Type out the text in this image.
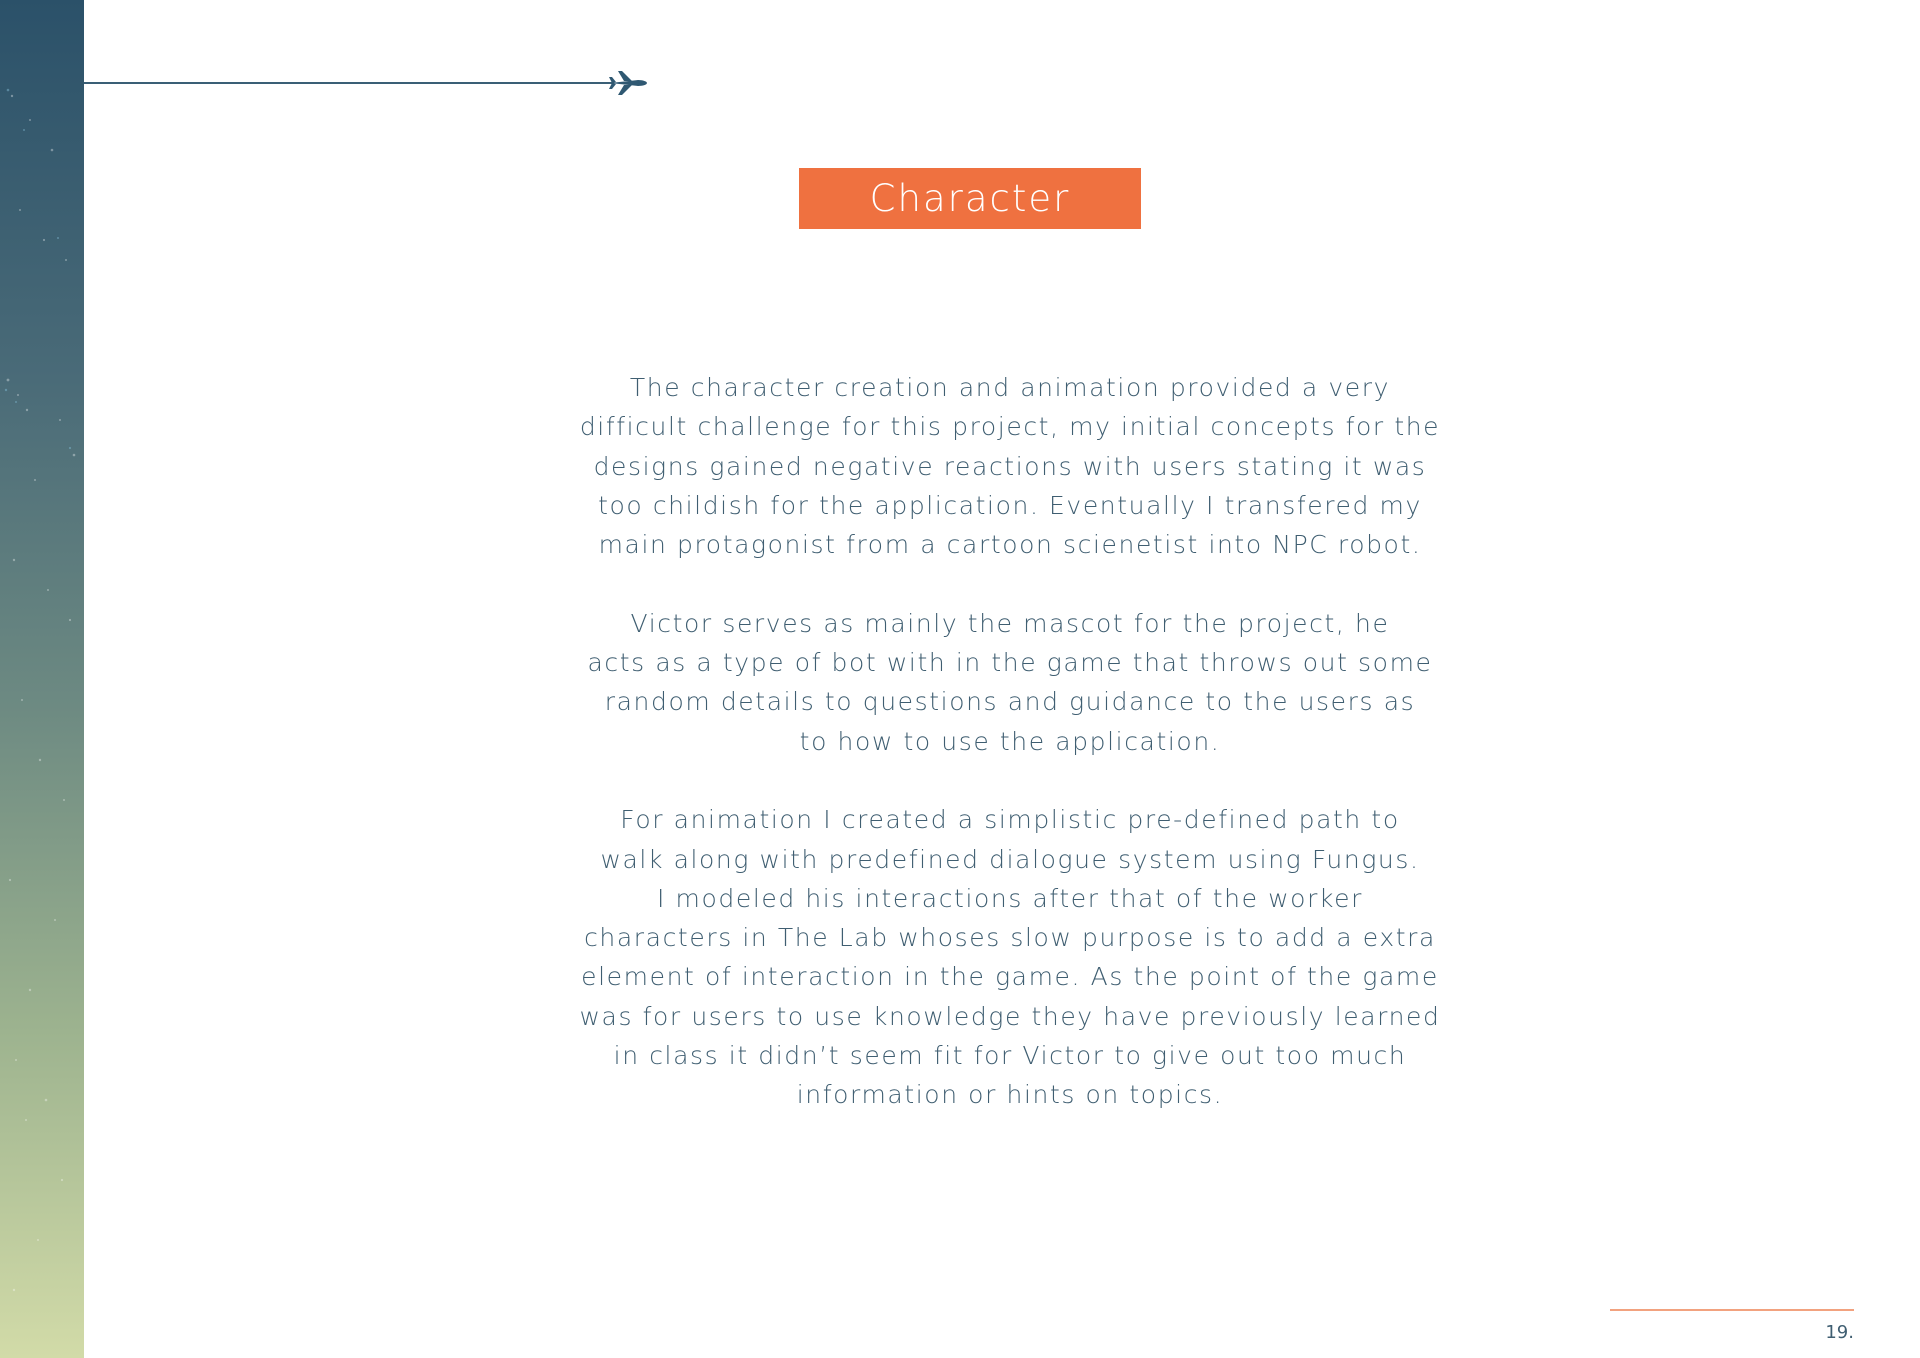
Character

The character creation and animation provided a very
difficult challenge for this project, my initial concepts for the
designs gained negative reactions with users stating it was
too childish for the application. Eventually I transfered my
main protagonist from a cartoon scienetist into NPC robot.

Victor serves as mainly the mascot for the project, he
acts as a type of bot with in the game that throws out some
random details to questions and guidance to the users as
to how to use the application.

For animation I created a simplistic pre-defined path to
walk along with predefined dialogue system using Fungus.
I modeled his interactions after that of the worker
characters in The Lab whoses slow purpose is to add a extra
element of interaction in the game. As the point of the game
was for users to use knowledge they have previously learned
in class it didn’t seem fit for Victor to give out too much
information or hints on topics.

19.
